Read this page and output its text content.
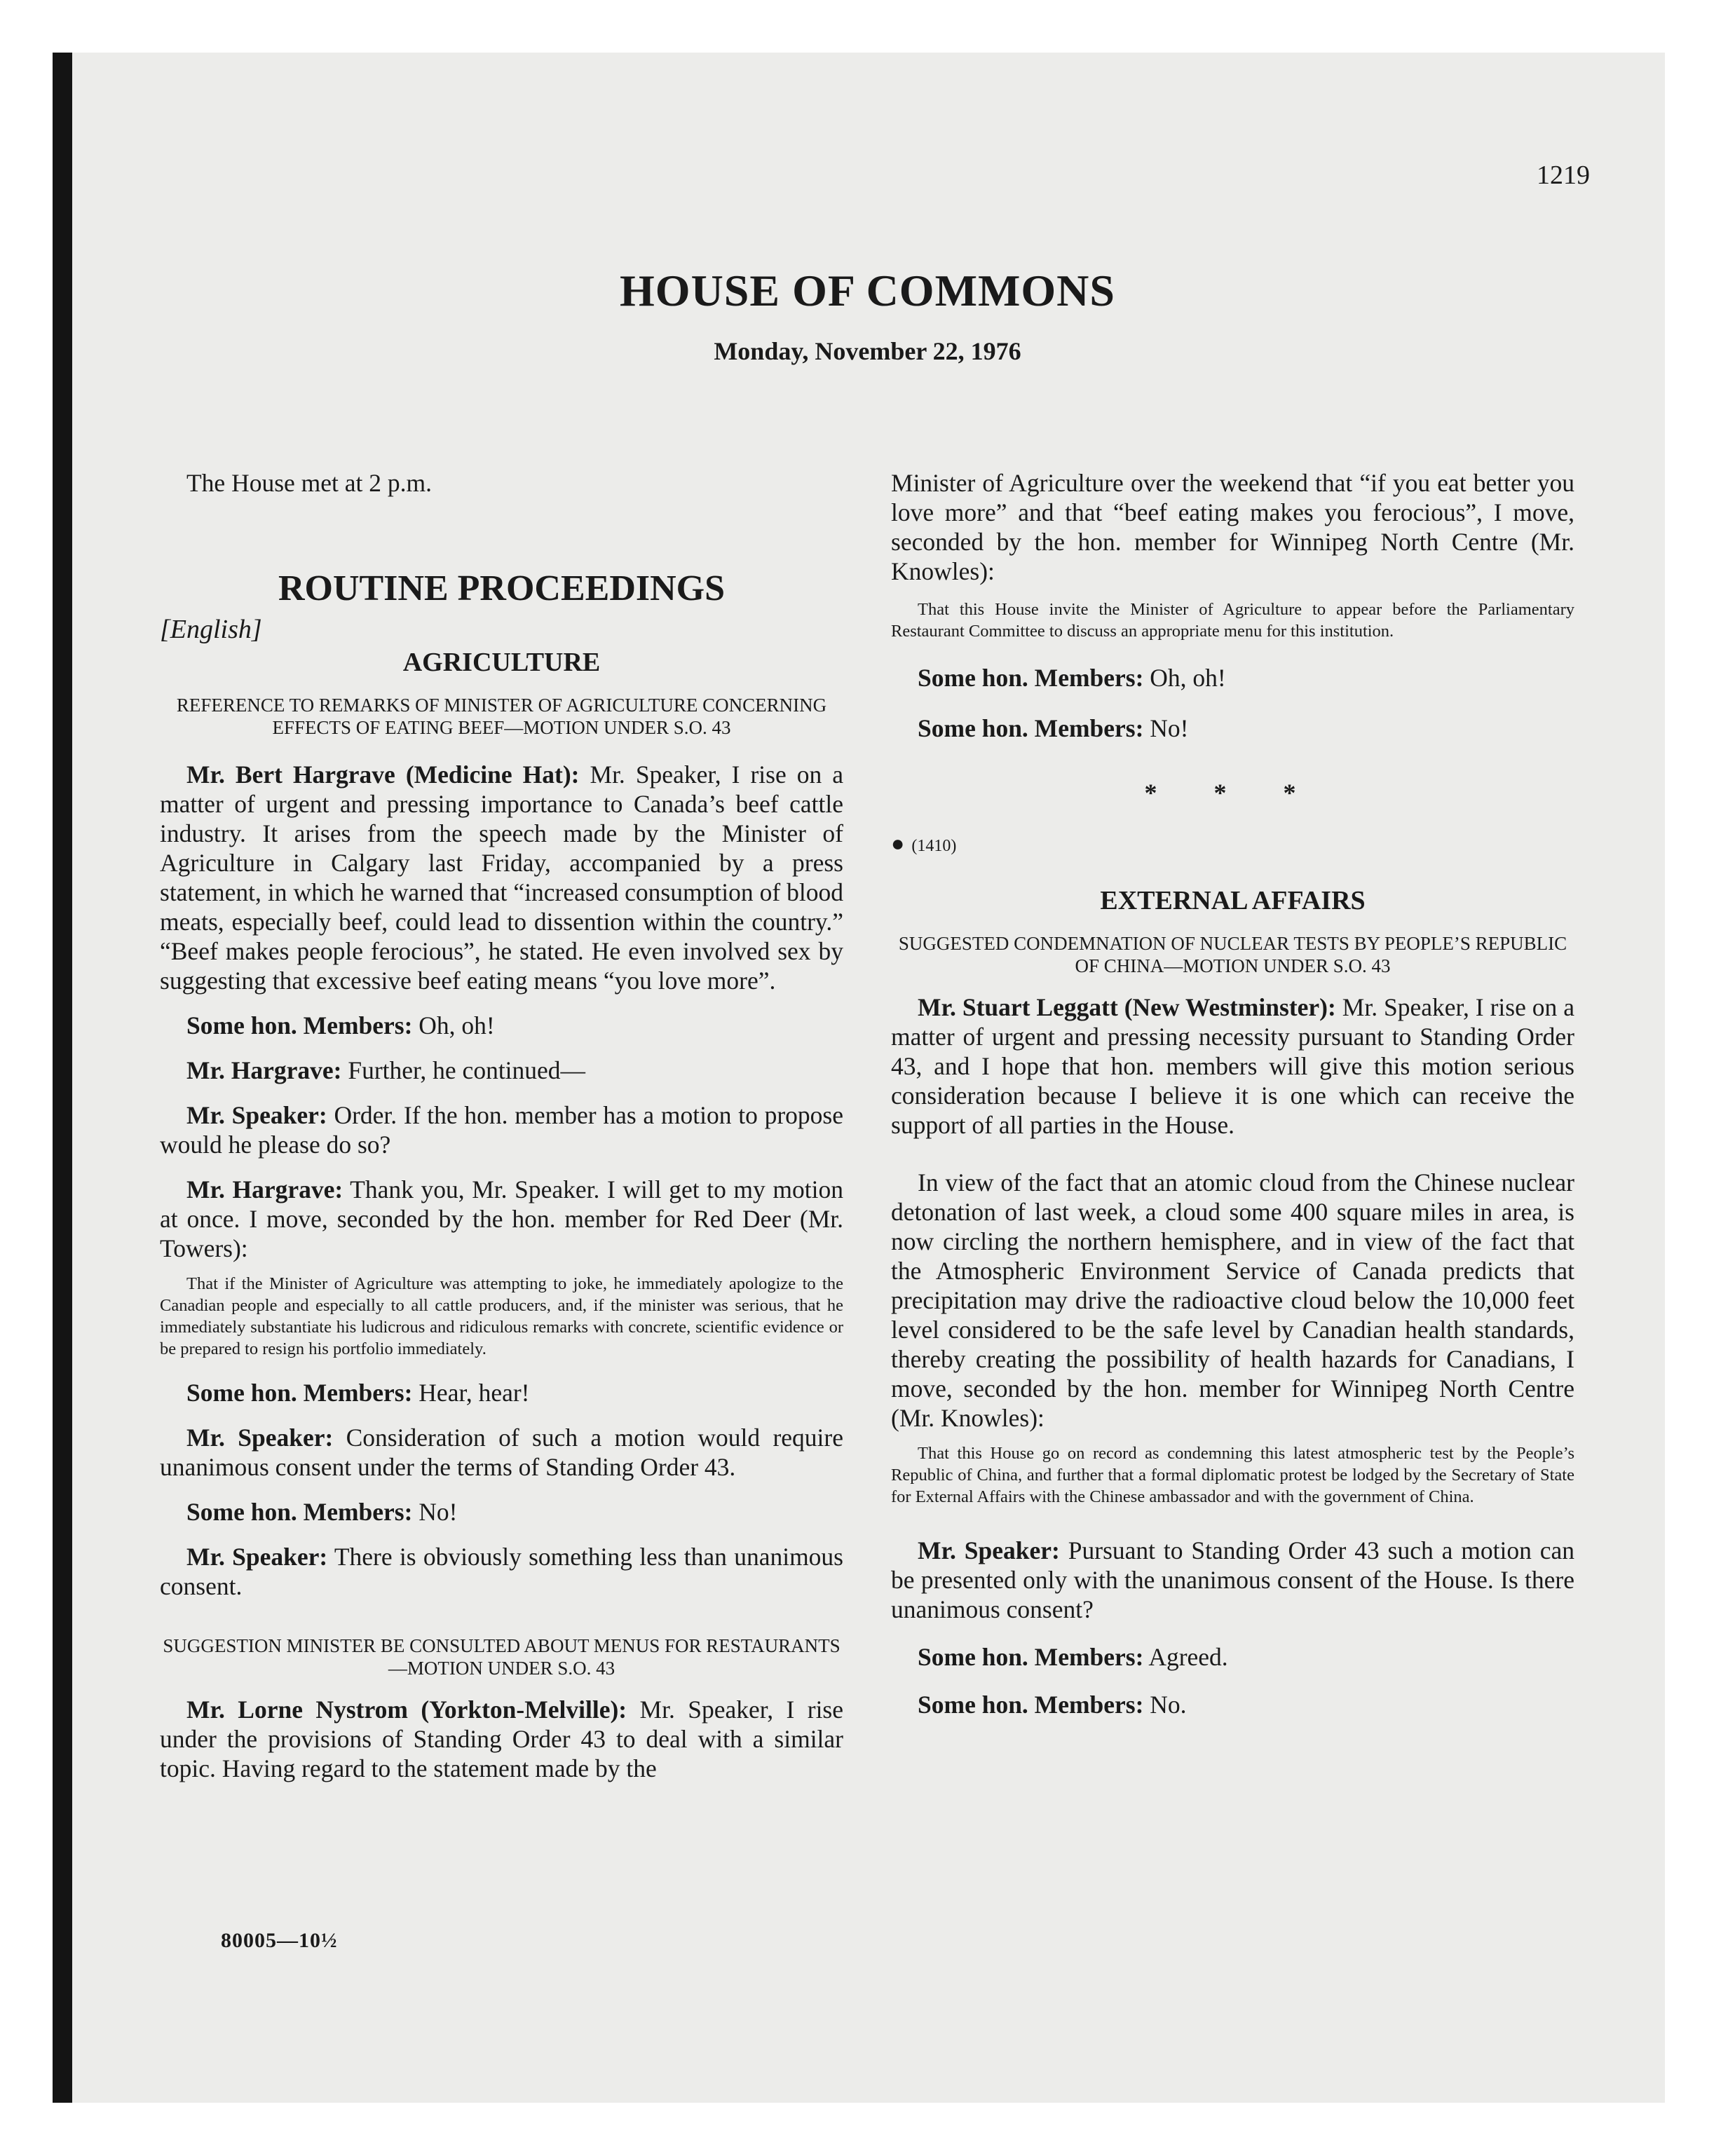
1219
HOUSE OF COMMONS
Monday, November 22, 1976

The House met at 2 p.m.

ROUTINE PROCEEDINGS
[English]
AGRICULTURE
REFERENCE TO REMARKS OF MINISTER OF AGRICULTURE CONCERNING EFFECTS OF EATING BEEF—MOTION UNDER S.O. 43

Mr. Bert Hargrave (Medicine Hat): Mr. Speaker, I rise on a matter of urgent and pressing importance to Canada’s beef cattle industry. It arises from the speech made by the Minister of Agriculture in Calgary last Friday, accompanied by a press statement, in which he warned that “increased consumption of blood meats, especially beef, could lead to dissention within the country.” “Beef makes people ferocious”, he stated. He even involved sex by suggesting that excessive beef eating means “you love more”.

Some hon. Members: Oh, oh!

Mr. Hargrave: Further, he continued—

Mr. Speaker: Order. If the hon. member has a motion to propose would he please do so?

Mr. Hargrave: Thank you, Mr. Speaker. I will get to my motion at once. I move, seconded by the hon. member for Red Deer (Mr. Towers):

That if the Minister of Agriculture was attempting to joke, he immediately apologize to the Canadian people and especially to all cattle producers, and, if the minister was serious, that he immediately substantiate his ludicrous and ridiculous remarks with concrete, scientific evidence or be prepared to resign his portfolio immediately.

Some hon. Members: Hear, hear!

Mr. Speaker: Consideration of such a motion would require unanimous consent under the terms of Standing Order 43.

Some hon. Members: No!

Mr. Speaker: There is obviously something less than unanimous consent.

SUGGESTION MINISTER BE CONSULTED ABOUT MENUS FOR RESTAURANTS—MOTION UNDER S.O. 43

Mr. Lorne Nystrom (Yorkton-Melville): Mr. Speaker, I rise under the provisions of Standing Order 43 to deal with a similar topic. Having regard to the statement made by the

Minister of Agriculture over the weekend that “if you eat better you love more” and that “beef eating makes you ferocious”, I move, seconded by the hon. member for Winnipeg North Centre (Mr. Knowles):

That this House invite the Minister of Agriculture to appear before the Parliamentary Restaurant Committee to discuss an appropriate menu for this institution.

Some hon. Members: Oh, oh!

Some hon. Members: No!

* * *
● (1410)
EXTERNAL AFFAIRS
SUGGESTED CONDEMNATION OF NUCLEAR TESTS BY PEOPLE’S REPUBLIC OF CHINA—MOTION UNDER S.O. 43

Mr. Stuart Leggatt (New Westminster): Mr. Speaker, I rise on a matter of urgent and pressing necessity pursuant to Standing Order 43, and I hope that hon. members will give this motion serious consideration because I believe it is one which can receive the support of all parties in the House.

In view of the fact that an atomic cloud from the Chinese nuclear detonation of last week, a cloud some 400 square miles in area, is now circling the northern hemisphere, and in view of the fact that the Atmospheric Environment Service of Canada predicts that precipitation may drive the radioactive cloud below the 10,000 feet level considered to be the safe level by Canadian health standards, thereby creating the possibility of health hazards for Canadians, I move, seconded by the hon. member for Winnipeg North Centre (Mr. Knowles):

That this House go on record as condemning this latest atmospheric test by the People’s Republic of China, and further that a formal diplomatic protest be lodged by the Secretary of State for External Affairs with the Chinese ambassador and with the government of China.

Mr. Speaker: Pursuant to Standing Order 43 such a motion can be presented only with the unanimous consent of the House. Is there unanimous consent?

Some hon. Members: Agreed.

Some hon. Members: No.

80005—10½
